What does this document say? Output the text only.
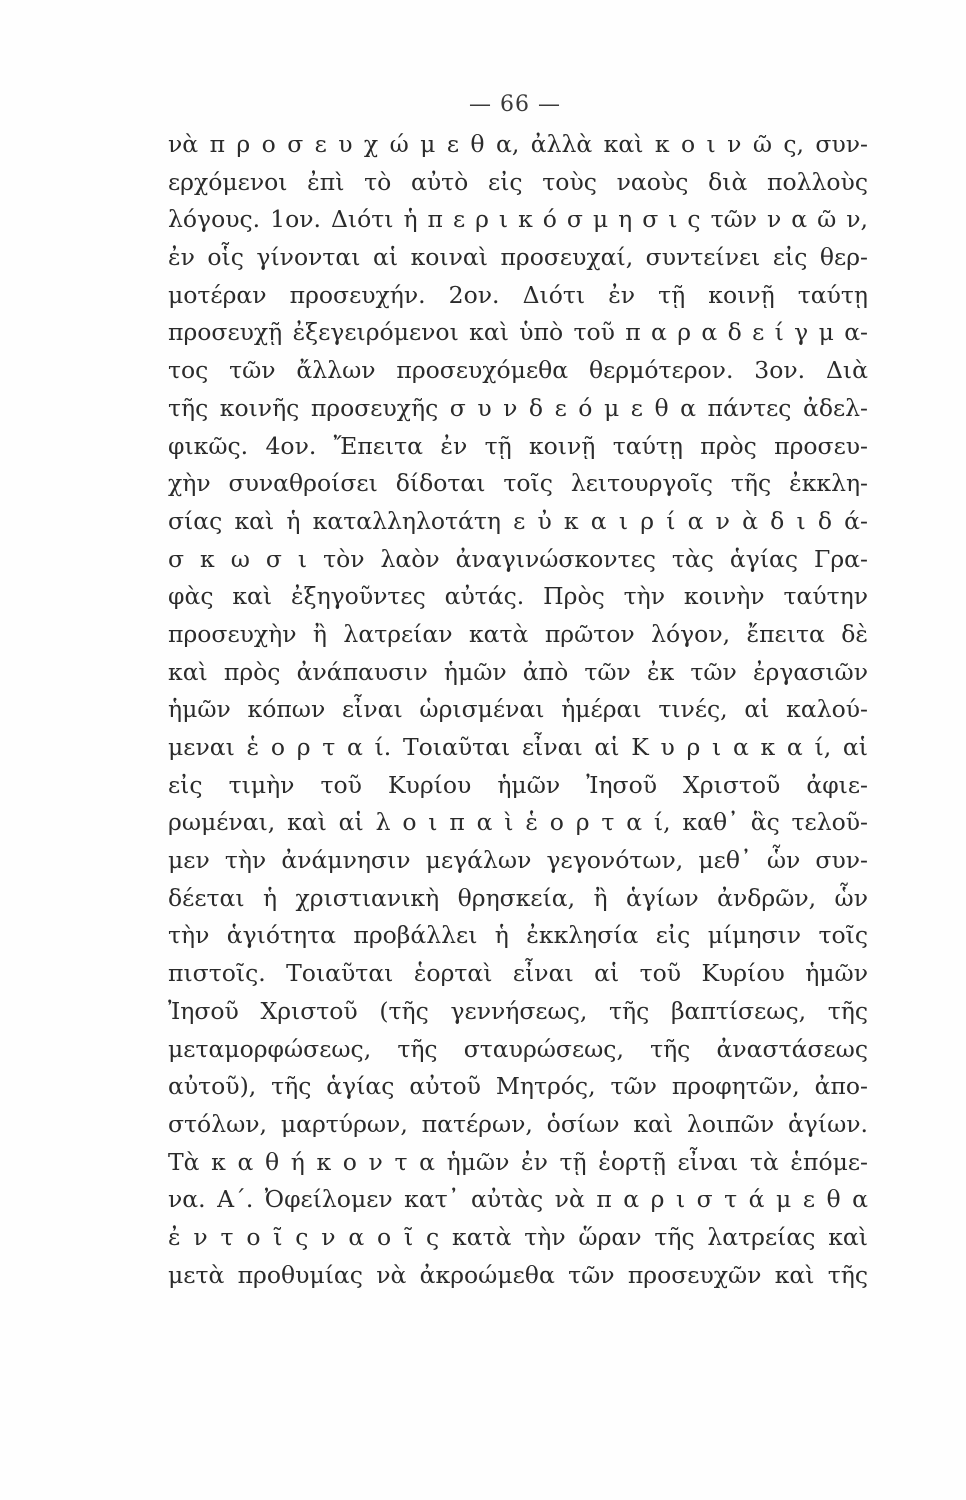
— 66 —
νὰ π ρ ο σ ε υ χ ώ μ ε θ α, ἀλλὰ καὶ κ ο ι ν ῶ ς, συν-
ερχόμενοι ἐπὶ τὸ αὐτὸ εἰς τοὺς ναοὺς διὰ πολλοὺς
λόγους. 1ον. Διότι ἡ π ε ρ ι κ ό σ μ η σ ι ς τῶν ν α ῶ ν,
ἐν οἷς γίνονται αἱ κοιναὶ προσευχαί, συντείνει εἰς θερ-
μοτέραν προσευχήν. 2ον. Διότι ἐν τῇ κοινῇ ταύτῃ
προσευχῇ ἐξεγειρόμενοι καὶ ὑπὸ τοῦ π α ρ α δ ε ί γ μ α-
τος τῶν ἄλλων προσευχόμεθα θερμότερον. 3ον. Διὰ
τῆς κοινῆς προσευχῆς σ υ ν δ ε ό μ ε θ α πάντες ἀδελ-
φικῶς. 4ον. Ἔπειτα ἐν τῇ κοινῇ ταύτῃ πρὸς προσευ-
χὴν συναθροίσει δίδοται τοῖς λειτουργοῖς τῆς ἐκκλη-
σίας καὶ ἡ καταλληλοτάτη ε ὐ κ α ι ρ ί α ν ὰ δ ι δ ά-
σ κ ω σ ι τὸν λαὸν ἀναγινώσκοντες τὰς ἁγίας Γρα-
φὰς καὶ ἐξηγοῦντες αὐτάς. Πρὸς τὴν κοινὴν ταύτην
προσευχὴν ἢ λατρείαν κατὰ πρῶτον λόγον, ἔπειτα δὲ
καὶ πρὸς ἀνάπαυσιν ἡμῶν ἀπὸ τῶν ἐκ τῶν ἐργασιῶν
ἡμῶν κόπων εἶναι ὡρισμέναι ἡμέραι τινές, αἱ καλού-
μεναι ἑ ο ρ τ α ί. Τοιαῦται εἶναι αἱ Κ υ ρ ι α κ α ί, αἱ
εἰς τιμὴν τοῦ Κυρίου ἡμῶν Ἰησοῦ Χριστοῦ ἀφιε-
ρωμέναι, καὶ αἱ λ ο ι π α ὶ ἑ ο ρ τ α ί, καθ᾽ ἃς τελοῦ-
μεν τὴν ἀνάμνησιν μεγάλων γεγονότων, μεθ᾽ ὧν συν-
δέεται ἡ χριστιανικὴ θρησκεία, ἢ ἁγίων ἀνδρῶν, ὧν
τὴν ἁγιότητα προβάλλει ἡ ἐκκλησία εἰς μίμησιν τοῖς
πιστοῖς. Τοιαῦται ἑορταὶ εἶναι αἱ τοῦ Κυρίου ἡμῶν
Ἰησοῦ Χριστοῦ (τῆς γεννήσεως, τῆς βαπτίσεως, τῆς
μεταμορφώσεως, τῆς σταυρώσεως, τῆς ἀναστάσεως
αὐτοῦ), τῆς ἁγίας αὐτοῦ Μητρός, τῶν προφητῶν, ἀπο-
στόλων, μαρτύρων, πατέρων, ὁσίων καὶ λοιπῶν ἁγίων.
Τὰ κ α θ ή κ ο ν τ α ἡμῶν ἐν τῇ ἑορτῇ εἶναι τὰ ἑπόμε-
να. Α΄. Ὀφείλομεν κατ᾽ αὐτὰς νὰ π α ρ ι σ τ ά μ ε θ α
ἐ ν τ ο ῖ ς ν α ο ῖ ς κατὰ τὴν ὥραν τῆς λατρείας καὶ
μετὰ προθυμίας νὰ ἀκροώμεθα τῶν προσευχῶν καὶ τῆς
